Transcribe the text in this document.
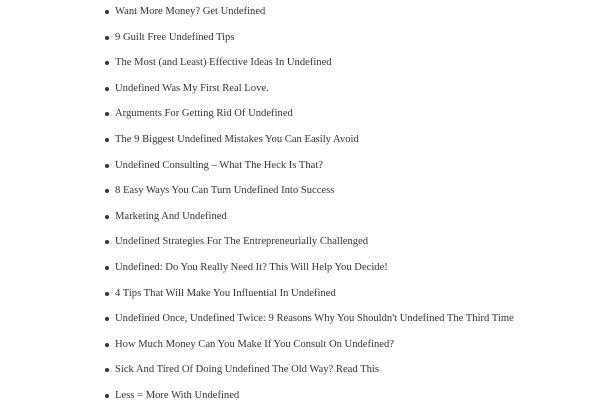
Want More Money? Get Undefined
9 Guilt Free Undefined Tips
The Most (and Least) Effective Ideas In Undefined
Undefined Was My First Real Love.
Arguments For Getting Rid Of Undefined
The 9 Biggest Undefined Mistakes You Can Easily Avoid
Undefined Consulting – What The Heck Is That?
8 Easy Ways You Can Turn Undefined Into Success
Marketing And Undefined
Undefined Strategies For The Entrepreneurially Challenged
Undefined: Do You Really Need It? This Will Help You Decide!
4 Tips That Will Make You Influential In Undefined
Undefined Once, Undefined Twice: 9 Reasons Why You Shouldn't Undefined The Third Time
How Much Money Can You Make If You Consult On Undefined?
Sick And Tired Of Doing Undefined The Old Way? Read This
Less = More With Undefined
